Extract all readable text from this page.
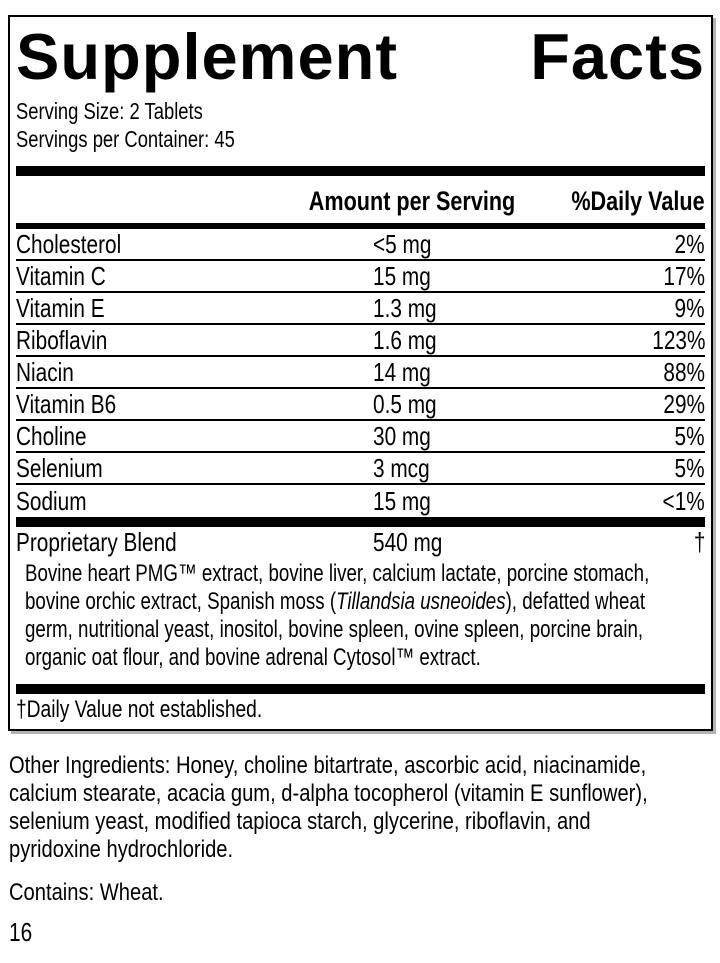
Supplement Facts
Serving Size: 2 Tablets
Servings per Container: 45
Amount per Serving	%Daily Value
Cholesterol	<5 mg	2%
Vitamin C	15 mg	17%
Vitamin E	1.3 mg	9%
Riboflavin	1.6 mg	123%
Niacin	14 mg	88%
Vitamin B6	0.5 mg	29%
Choline	30 mg	5%
Selenium	3 mcg	5%
Sodium	15 mg	<1%
Proprietary Blend	540 mg	†
Bovine heart PMG™ extract, bovine liver, calcium lactate, porcine stomach,
bovine orchic extract, Spanish moss (Tillandsia usneoides), defatted wheat
germ, nutritional yeast, inositol, bovine spleen, ovine spleen, porcine brain,
organic oat flour, and bovine adrenal Cytosol™ extract.
†Daily Value not established.
Other Ingredients: Honey, choline bitartrate, ascorbic acid, niacinamide,
calcium stearate, acacia gum, d-alpha tocopherol (vitamin E sunflower),
selenium yeast, modified tapioca starch, glycerine, riboflavin, and
pyridoxine hydrochloride.
Contains: Wheat.
16
